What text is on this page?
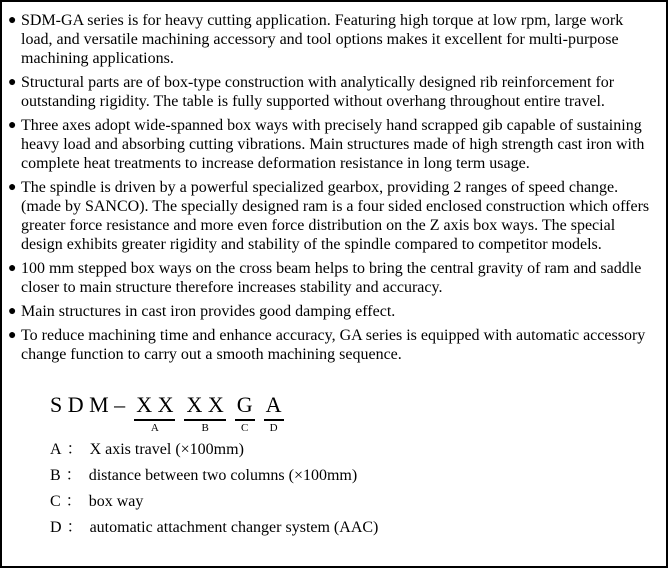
● SDM-GA series is for heavy cutting application. Featuring high torque at low rpm, large work load, and versatile machining accessory and tool options makes it excellent for multi-purpose machining applications.
● Structural parts are of box-type construction with analytically designed rib reinforcement for outstanding rigidity. The table is fully supported without overhang throughout entire travel.
● Three axes adopt wide-spanned box ways with precisely hand scrapped gib capable of sustaining heavy load and absorbing cutting vibrations. Main structures made of high strength cast iron with complete heat treatments to increase deformation resistance in long term usage.
● The spindle is driven by a powerful specialized gearbox, providing 2 ranges of speed change. (made by SANCO). The specially designed ram is a four sided enclosed construction which offers greater force resistance and more even force distribution on the Z axis box ways. The special design exhibits greater rigidity and stability of the spindle compared to competitor models.
● 100 mm stepped box ways on the cross beam helps to bring the central gravity of ram and saddle closer to main structure therefore increases stability and accuracy.
● Main structures in cast iron provides good damping effect.
● To reduce machining time and enhance accuracy, GA series is equipped with automatic accessory change function to carry out a smooth machining sequence.
S D M – X X
A
X X
B
G
C
A
D
A ： X axis travel (×100mm)
B ： distance between two columns (×100mm)
C ： box way
D ： automatic attachment changer system (AAC)
